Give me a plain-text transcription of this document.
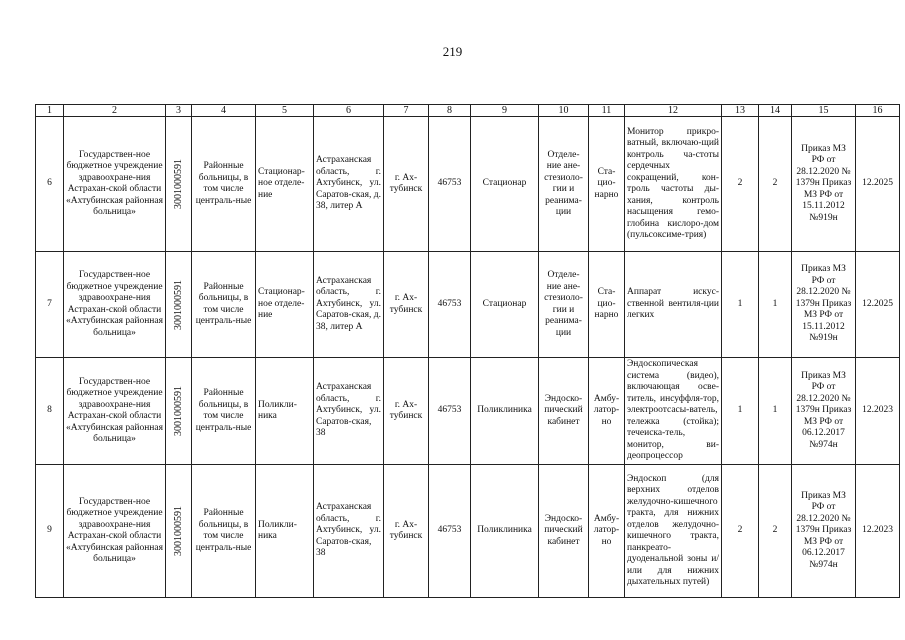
219
1	2	3	4	5	6	7	8	9	10	11	12	13	14	15	16
6	Государствен-ное бюджетное учреждение здравоохране-ния Астрахан-ской области «Ахтубинская районная больница»	3001000591	Районные больницы, в том числе централь-ные	Стационар-ное отделе-ние	Астраханская область, г. Ахтубинск, ул. Саратов-ская, д. 38, литер А	г. Ах-тубинск	46753	Стационар	Отделе-ние ане-стезиоло-гии и реанима-ции	Ста-цио-нарно	Монитор прикро-ватный, включаю-щий контроль ча-стоты сердечных сокращений, кон-троль частоты ды-хания, контроль насыщения гемо-глобина кислоро-дом (пульсоксиме-трия)	2	2	Приказ МЗ РФ от 28.12.2020 № 1379н Приказ МЗ РФ от 15.11.2012 №919н	12.2025
7	Государствен-ное бюджетное учреждение здравоохране-ния Астрахан-ской области «Ахтубинская районная больница»	3001000591	Районные больницы, в том числе централь-ные	Стационар-ное отделе-ние	Астраханская область, г. Ахтубинск, ул. Саратов-ская, д. 38, литер А	г. Ах-тубинск	46753	Стационар	Отделе-ние ане-стезиоло-гии и реанима-ции	Ста-цио-нарно	Аппарат искус-ственной вентиля-ции легких	1	1	Приказ МЗ РФ от 28.12.2020 № 1379н Приказ МЗ РФ от 15.11.2012 №919н	12.2025
8	Государствен-ное бюджетное учреждение здравоохране-ния Астрахан-ской области «Ахтубинская районная больница»	3001000591	Районные больницы, в том числе централь-ные	Поликли-ника	Астраханская область, г. Ахтубинск, ул. Саратов-ская, 38	г. Ах-тубинск	46753	Поликлиника	Эндоско-пический кабинет	Амбу-латор-но	Эндоскопическая система (видео), включающая осве-титель, инсуффля-тор, электроотсасы-ватель, тележка (стойка); течеиска-тель, монитор, ви-деопроцессор	1	1	Приказ МЗ РФ от 28.12.2020 № 1379н Приказ МЗ РФ от 06.12.2017 №974н	12.2023
9	Государствен-ное бюджетное учреждение здравоохране-ния Астрахан-ской области «Ахтубинская районная больница»	3001000591	Районные больницы, в том числе централь-ные	Поликли-ника	Астраханская область, г. Ахтубинск, ул. Саратов-ская, 38	г. Ах-тубинск	46753	Поликлиника	Эндоско-пический кабинет	Амбу-латор-но	Эндоскоп (для верхних отделов желудочно-кишечного тракта, для нижних отделов желудочно-кишечного тракта, панкреато-дуоденальной зоны и/или для нижних дыхательных путей)	2	2	Приказ МЗ РФ от 28.12.2020 № 1379н Приказ МЗ РФ от 06.12.2017 №974н	12.2023
